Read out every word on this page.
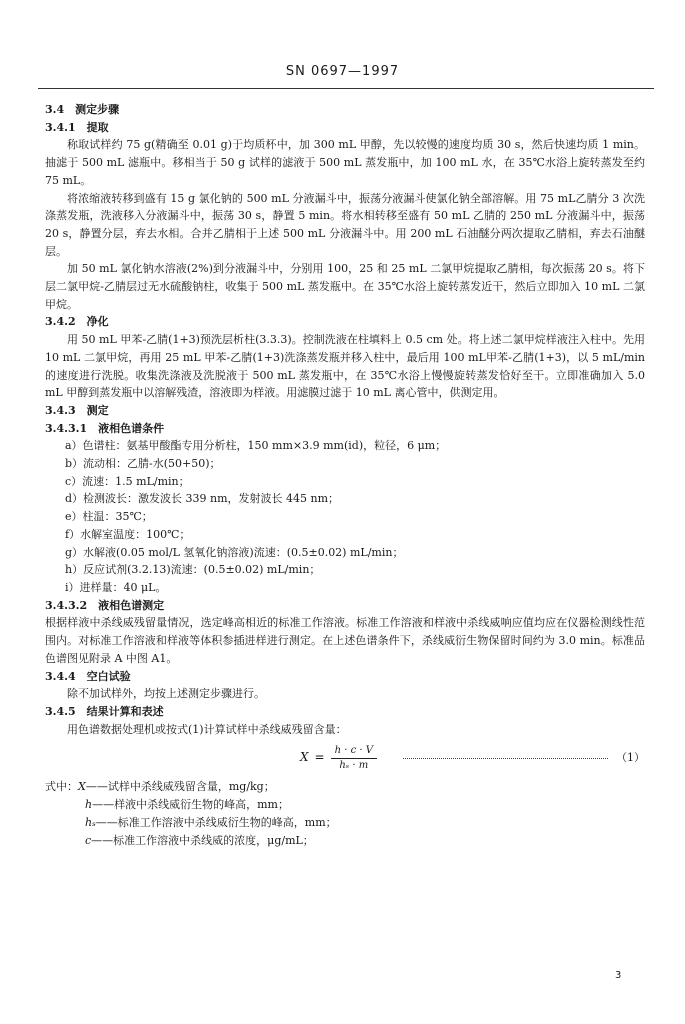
SN 0697—1997
3.4　测定步骤
3.4.1　提取
称取试样约 75 g(精确至 0.01 g)于均质杯中，加 300 mL 甲醇，先以较慢的速度均质 30 s，然后快速均质 1 min。抽滤于 500 mL 滤瓶中。移相当于 50 g 试样的滤液于 500 mL 蒸发瓶中，加 100 mL 水，在 35℃水浴上旋转蒸发至约 75 mL。
将浓缩液转移到盛有 15 g 氯化钠的 500 mL 分液漏斗中，振荡分液漏斗使氯化钠全部溶解。用 75 mL乙腈分 3 次洗涤蒸发瓶，洗液移入分液漏斗中，振荡 30 s，静置 5 min。将水相转移至盛有 50 mL 乙腈的 250 mL 分液漏斗中，振荡 20 s，静置分层，弃去水相。合并乙腈相于上述 500 mL 分液漏斗中。用 200 mL 石油醚分两次提取乙腈相，弃去石油醚层。
加 50 mL 氯化钠水溶液(2%)到分液漏斗中，分别用 100，25 和 25 mL 二氯甲烷提取乙腈相，每次振荡 20 s。将下层二氯甲烷-乙腈层过无水硫酸钠柱，收集于 500 mL 蒸发瓶中。在 35℃水浴上旋转蒸发近干，然后立即加入 10 mL 二氯甲烷。
3.4.2　净化
用 50 mL 甲苯-乙腈(1+3)预洗层析柱(3.3.3)。控制洗液在柱填料上 0.5 cm 处。将上述二氯甲烷样液注入柱中。先用 10 mL 二氯甲烷，再用 25 mL 甲苯-乙腈(1+3)洗涤蒸发瓶并移入柱中，最后用 100 mL甲苯-乙腈(1+3)，以 5 mL/min 的速度进行洗脱。收集洗涤液及洗脱液于 500 mL 蒸发瓶中，在 35℃水浴上慢慢旋转蒸发恰好至干。立即准确加入 5.0 mL 甲醇到蒸发瓶中以溶解残渣，溶液即为样液。用滤膜过滤于 10 mL 离心管中，供测定用。
3.4.3　测定
3.4.3.1　液相色谱条件
a）色谱柱：氨基甲酸酯专用分析柱，150 mm×3.9 mm(id)，粒径，6 μm；
b）流动相：乙腈-水(50+50)；
c）流速：1.5 mL/min；
d）检测波长：激发波长 339 nm，发射波长 445 nm；
e）柱温：35℃；
f）水解室温度：100℃；
g）水解液(0.05 mol/L 氢氧化钠溶液)流速：(0.5±0.02) mL/min；
h）反应试剂(3.2.13)流速：(0.5±0.02) mL/min；
i）进样量：40 μL。
3.4.3.2　液相色谱测定
根据样液中杀线威残留量情况，选定峰高相近的标准工作溶液。标准工作溶液和样液中杀线威响应值均应在仪器检测线性范围内。对标准工作溶液和样液等体积参插进样进行测定。在上述色谱条件下，杀线威衍生物保留时间约为 3.0 min。标准品色谱图见附录 A 中图 A1。
3.4.4　空白试验
除不加试样外，均按上述测定步骤进行。
3.4.5　结果计算和表述
用色谱数据处理机或按式(1)计算试样中杀线威残留含量：
$X = \frac{h \cdot c \cdot V}{\text{hₛ · m}}$	（1）
式中：X——试样中杀线威残留含量，mg/kg；
h——样液中杀线威衍生物的峰高，mm；
hₛ——标准工作溶液中杀线威衍生物的峰高，mm；
c——标准工作溶液中杀线威的浓度，μg/mL；
3
